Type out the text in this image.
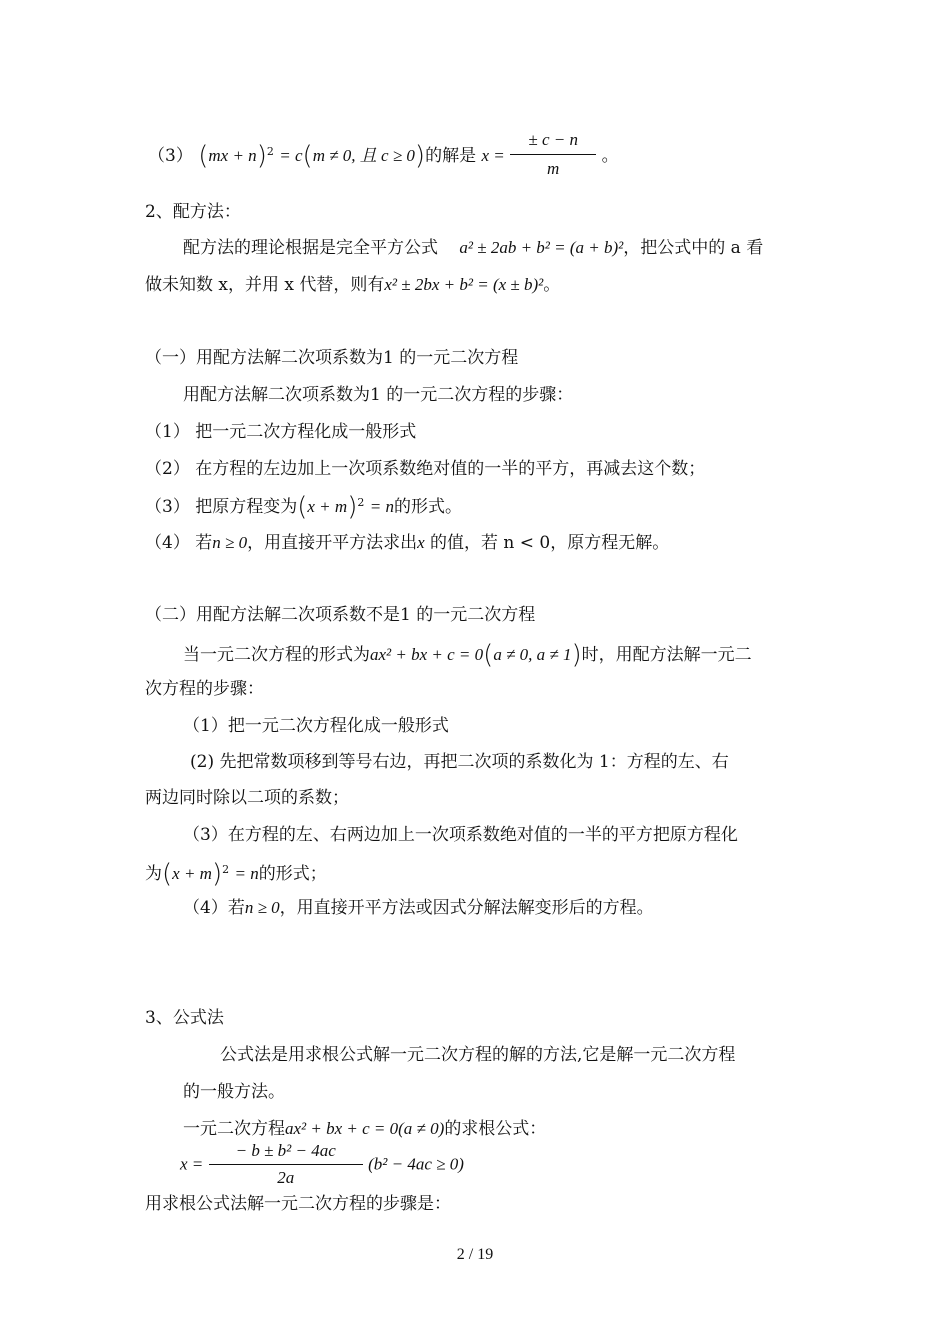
（3） (mx + n)$^2$ = c(m ≠ 0, 且 c ≥ 0)的解是 $x = \frac{\pm c - n}{m}$ 。
2、配方法：
配方法的理论根据是完全平方公式 a² ± 2ab + b² = (a + b)²，把公式中的 a 看
做未知数 x，并用 x 代替，则有x² ± 2bx + b² = (x ± b)²。
（一）用配方法解二次项系数为1 的一元二次方程
用配方法解二次项系数为1 的一元二次方程的步骤：
（1） 把一元二次方程化成一般形式
（2） 在方程的左边加上一次项系数绝对值的一半的平方，再减去这个数；
（3） 把原方程变为$(x + m)^2 = n$的形式。
（4） 若n ≥ 0，用直接开平方法求出x 的值，若 n < 0，原方程无解。
（二）用配方法解二次项系数不是1 的一元二次方程
当一元二次方程的形式为ax² + bx + c = 0(a ≠ 0, a ≠ 1)时，用配方法解一元二
次方程的步骤：
（1）把一元二次方程化成一般形式
(2) 先把常数项移到等号右边，再把二次项的系数化为 1：方程的左、右
两边同时除以二项的系数；
（3）在方程的左、右两边加上一次项系数绝对值的一半的平方把原方程化
为$(x + m)^2 = n$的形式；
（4）若n ≥ 0，用直接开平方法或因式分解法解变形后的方程。
3、公式法
公式法是用求根公式解一元二次方程的解的方法,它是解一元二次方程
的一般方法。
一元二次方程ax² + bx + c = 0(a ≠ 0)的求根公式：
$x = \frac{\text{− b ± b² − 4ac}}{2a} (b^2 - 4ac \ge 0)$
用求根公式法解一元二次方程的步骤是：
2 / 19
